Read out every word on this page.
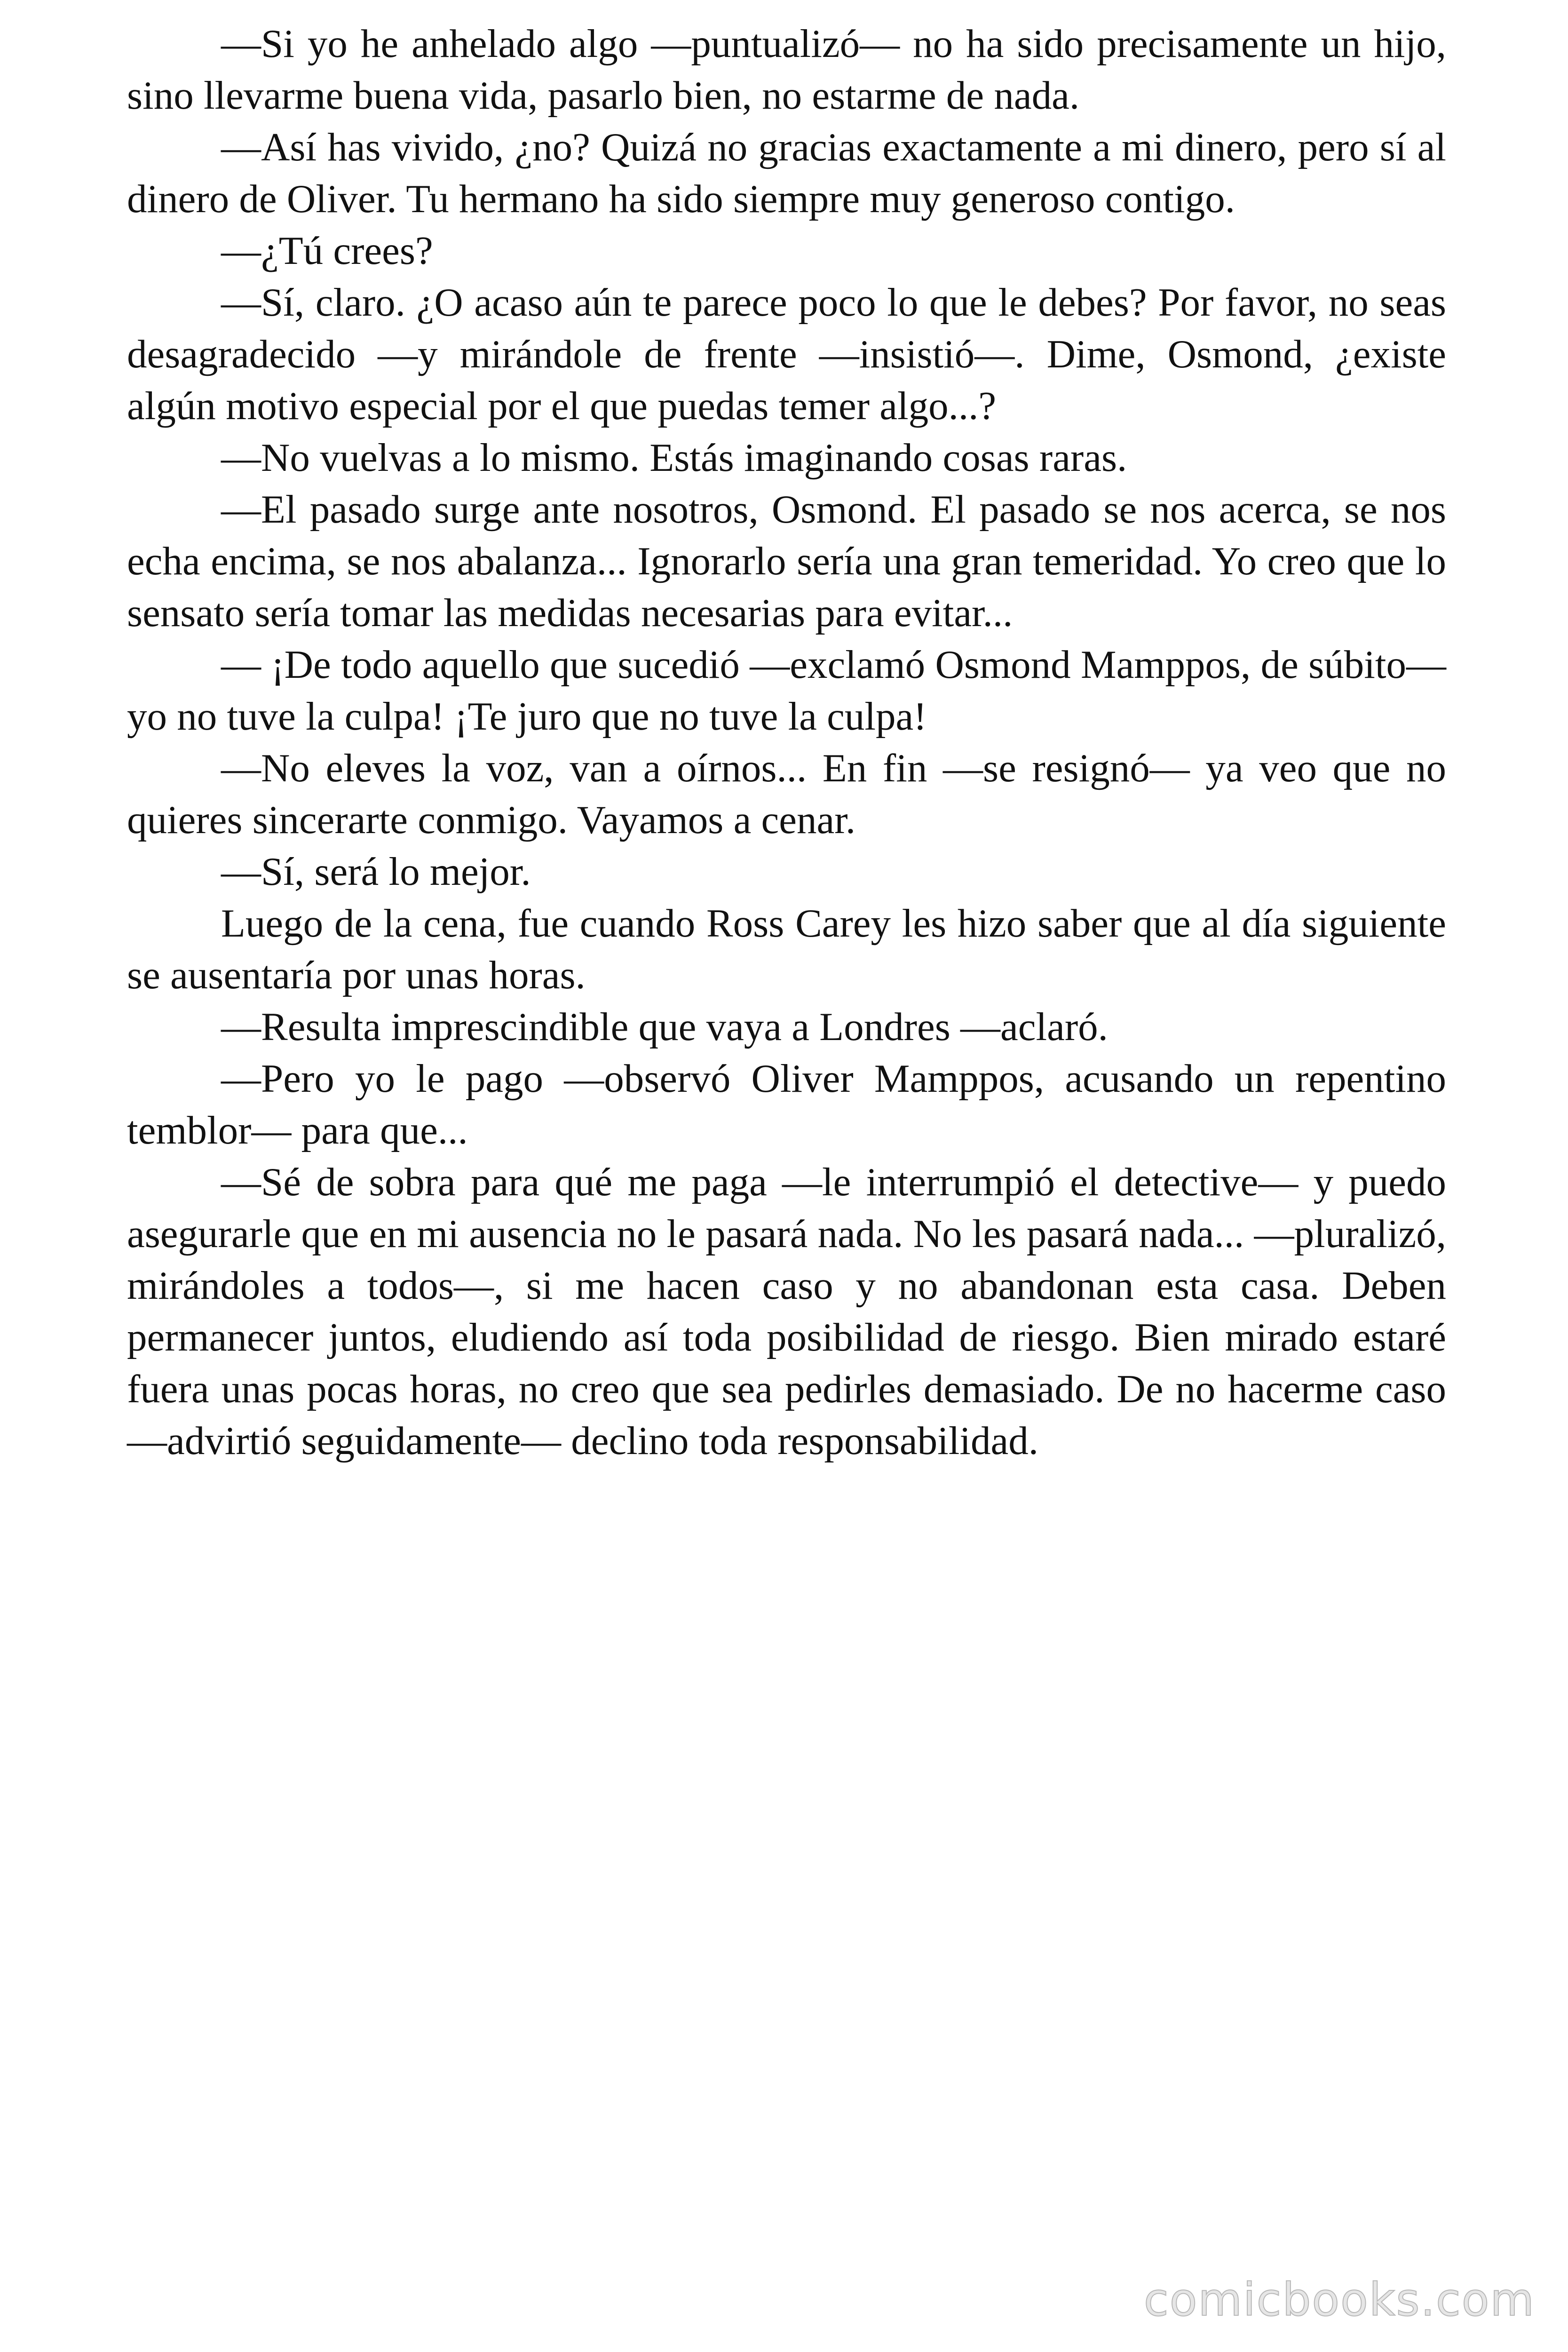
—Si yo he anhelado algo —puntualizó— no ha sido precisamente un hijo, sino llevarme buena vida, pasarlo bien, no estarme de nada.

—Así has vivido, ¿no? Quizá no gracias exactamente a mi dinero, pero sí al dinero de Oliver. Tu hermano ha sido siempre muy generoso contigo.

—¿Tú crees?

—Sí, claro. ¿O acaso aún te parece poco lo que le debes? Por favor, no seas desagradecido —y mirándole de frente —insistió—. Dime, Osmond, ¿existe algún motivo especial por el que puedas temer algo...?

—No vuelvas a lo mismo. Estás imaginando cosas raras.

—El pasado surge ante nosotros, Osmond. El pasado se nos acerca, se nos echa encima, se nos abalanza... Ignorarlo sería una gran temeridad. Yo creo que lo sensato sería tomar las medidas necesarias para evitar...

— ¡De todo aquello que sucedió —exclamó Osmond Mamppos, de súbito— yo no tuve la culpa! ¡Te juro que no tuve la culpa!

—No eleves la voz, van a oírnos... En fin —se resignó— ya veo que no quieres sincerarte conmigo. Vayamos a cenar.

—Sí, será lo mejor.

Luego de la cena, fue cuando Ross Carey les hizo saber que al día siguiente se ausentaría por unas horas.

—Resulta imprescindible que vaya a Londres —aclaró.

—Pero yo le pago —observó Oliver Mamppos, acusando un repentino temblor— para que...

—Sé de sobra para qué me paga —le interrumpió el detective— y puedo asegurarle que en mi ausencia no le pasará nada. No les pasará nada... —pluralizó, mirándoles a todos—, si me hacen caso y no abandonan esta casa. Deben permanecer juntos, eludiendo así toda posibilidad de riesgo. Bien mirado estaré fuera unas pocas horas, no creo que sea pedirles demasiado. De no hacerme caso —advirtió seguidamente— declino toda responsabilidad.

comicbooks.com
